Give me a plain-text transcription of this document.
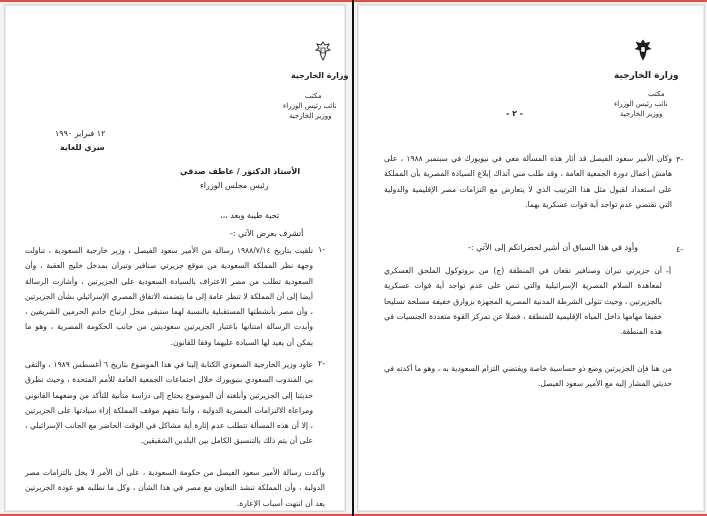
وزارة الخارجية
مكتب
نائب رئيس الوزراء
ووزير الخارجية
١٢ فبراير ١٩٩٠
سري للغاية
الأستاذ الدكتور / عاطف صدقي
رئيس مجلس الوزراء
تحية طيبة وبعد ،،،
أتشرف بعرض الآتي :-
١-

تلقيت بتاريخ ١٩٨٨/٧/١٤ رسالة من الأمير سعود الفيصل ، وزير خارجية السعودية ، تناولت وجهة نظر المملكة السعودية من موقع جزيرتي صنافير وتيران بمدخل خليج العقبة ، وأن السعودية تطلب من مصر الاعتراف بالسيادة السعودية على الجزيرتين ، وأشارت الرسالة أيضا إلى أن المملكة لا تنظر عامة إلى ما يتضمنه الاتفاق المصري الإسرائيلي بشأن الجزيرتين ، وأن مصر بأنشطتها المستقبلية بالنسبة لهما ستبقى محل ارتياح خادم الحرمين الشريفين ، وأبدت الرسالة امتنانها باعتبار الجزيرتين سعوديتين من جانب الحكومة المصرية ، وهو ما يمكن أن يعيد لها السيادة عليهما وفقا للقانون.

٢-

عاود وزير الخارجية السعودي الكتابة إلينا في هذا الموضوع بتاريخ ٦ أغسطس ١٩٨٩ ، والتقى بي المندوب السعودي بنيويورك خلال اجتماعات الجمعية العامة للأمم المتحدة ، وحيث تطرق حديثنا إلى الجزيرتين وأبلغته أن الموضوع يحتاج إلى دراسة متأنية للتأكد من وضعهما القانوني ومراعاة الالتزامات المصرية الدولية ، وأننا نتفهم موقف المملكة إزاء سيادتها على الجزيرتين ، إلا أن هذه المسألة تتطلب عدم إثارة أية مشاكل في الوقت الحاضر مع الجانب الإسرائيلي ، على أن يتم ذلك بالتنسيق الكامل بين البلدين الشقيقين.

وأكدت رسالة الأمير سعود الفيصل من حكومة السعودية ، على أن الأمر لا يخل بالتزامات مصر الدولية ، وأن المملكة تنشد التعاون مع مصر في هذا الشأن ، وكل ما تطلبه هو عودة الجزيرتين بعد أن انتهت أسباب الإعارة.

وزارة الخارجية
مكتب
نائب رئيس الوزراء
ووزير الخارجية
- ٢ -
٣-

وكان الأمير سعود الفيصل قد أثار هذه المسألة معي في نيويورك في سبتمبر ١٩٨٨ ، على هامش أعمال دورة الجمعية العامة ، وقد طلب مني آنذاك إبلاغ السيادة المصرية بأن المملكة على استعداد لقبول مثل هذا الترتيب الذي لا يتعارض مع التزامات مصر الإقليمية والدولية التي تقتضي عدم تواجد أية قوات عسكرية بهما.

٤-
وأود في هذا السياق أن أشير لحضراتكم إلى الآتي :-
أ-

أن جزيرتي تيران وصنافير تقعان في المنطقة (ج) من بروتوكول الملحق العسكري لمعاهدة السلام المصرية الإسرائيلية والتي تنص على عدم تواجد أية قوات عسكرية بالجزيرتين ، وحيث تتولى الشرطة المدنية المصرية المجهزة بزوارق خفيفة مسلحة تسليحا خفيفا مهامها داخل المياه الإقليمية للمنطقة ، فضلا عن تمركز القوة متعددة الجنسيات في هذه المنطقة.

من هنا فإن الجزيرتين وضع ذو حساسية خاصة ويقتضي التزام السعودية به ، وهو ما أكدته في حديثي المشار إليه مع الأمير سعود الفيصل.
